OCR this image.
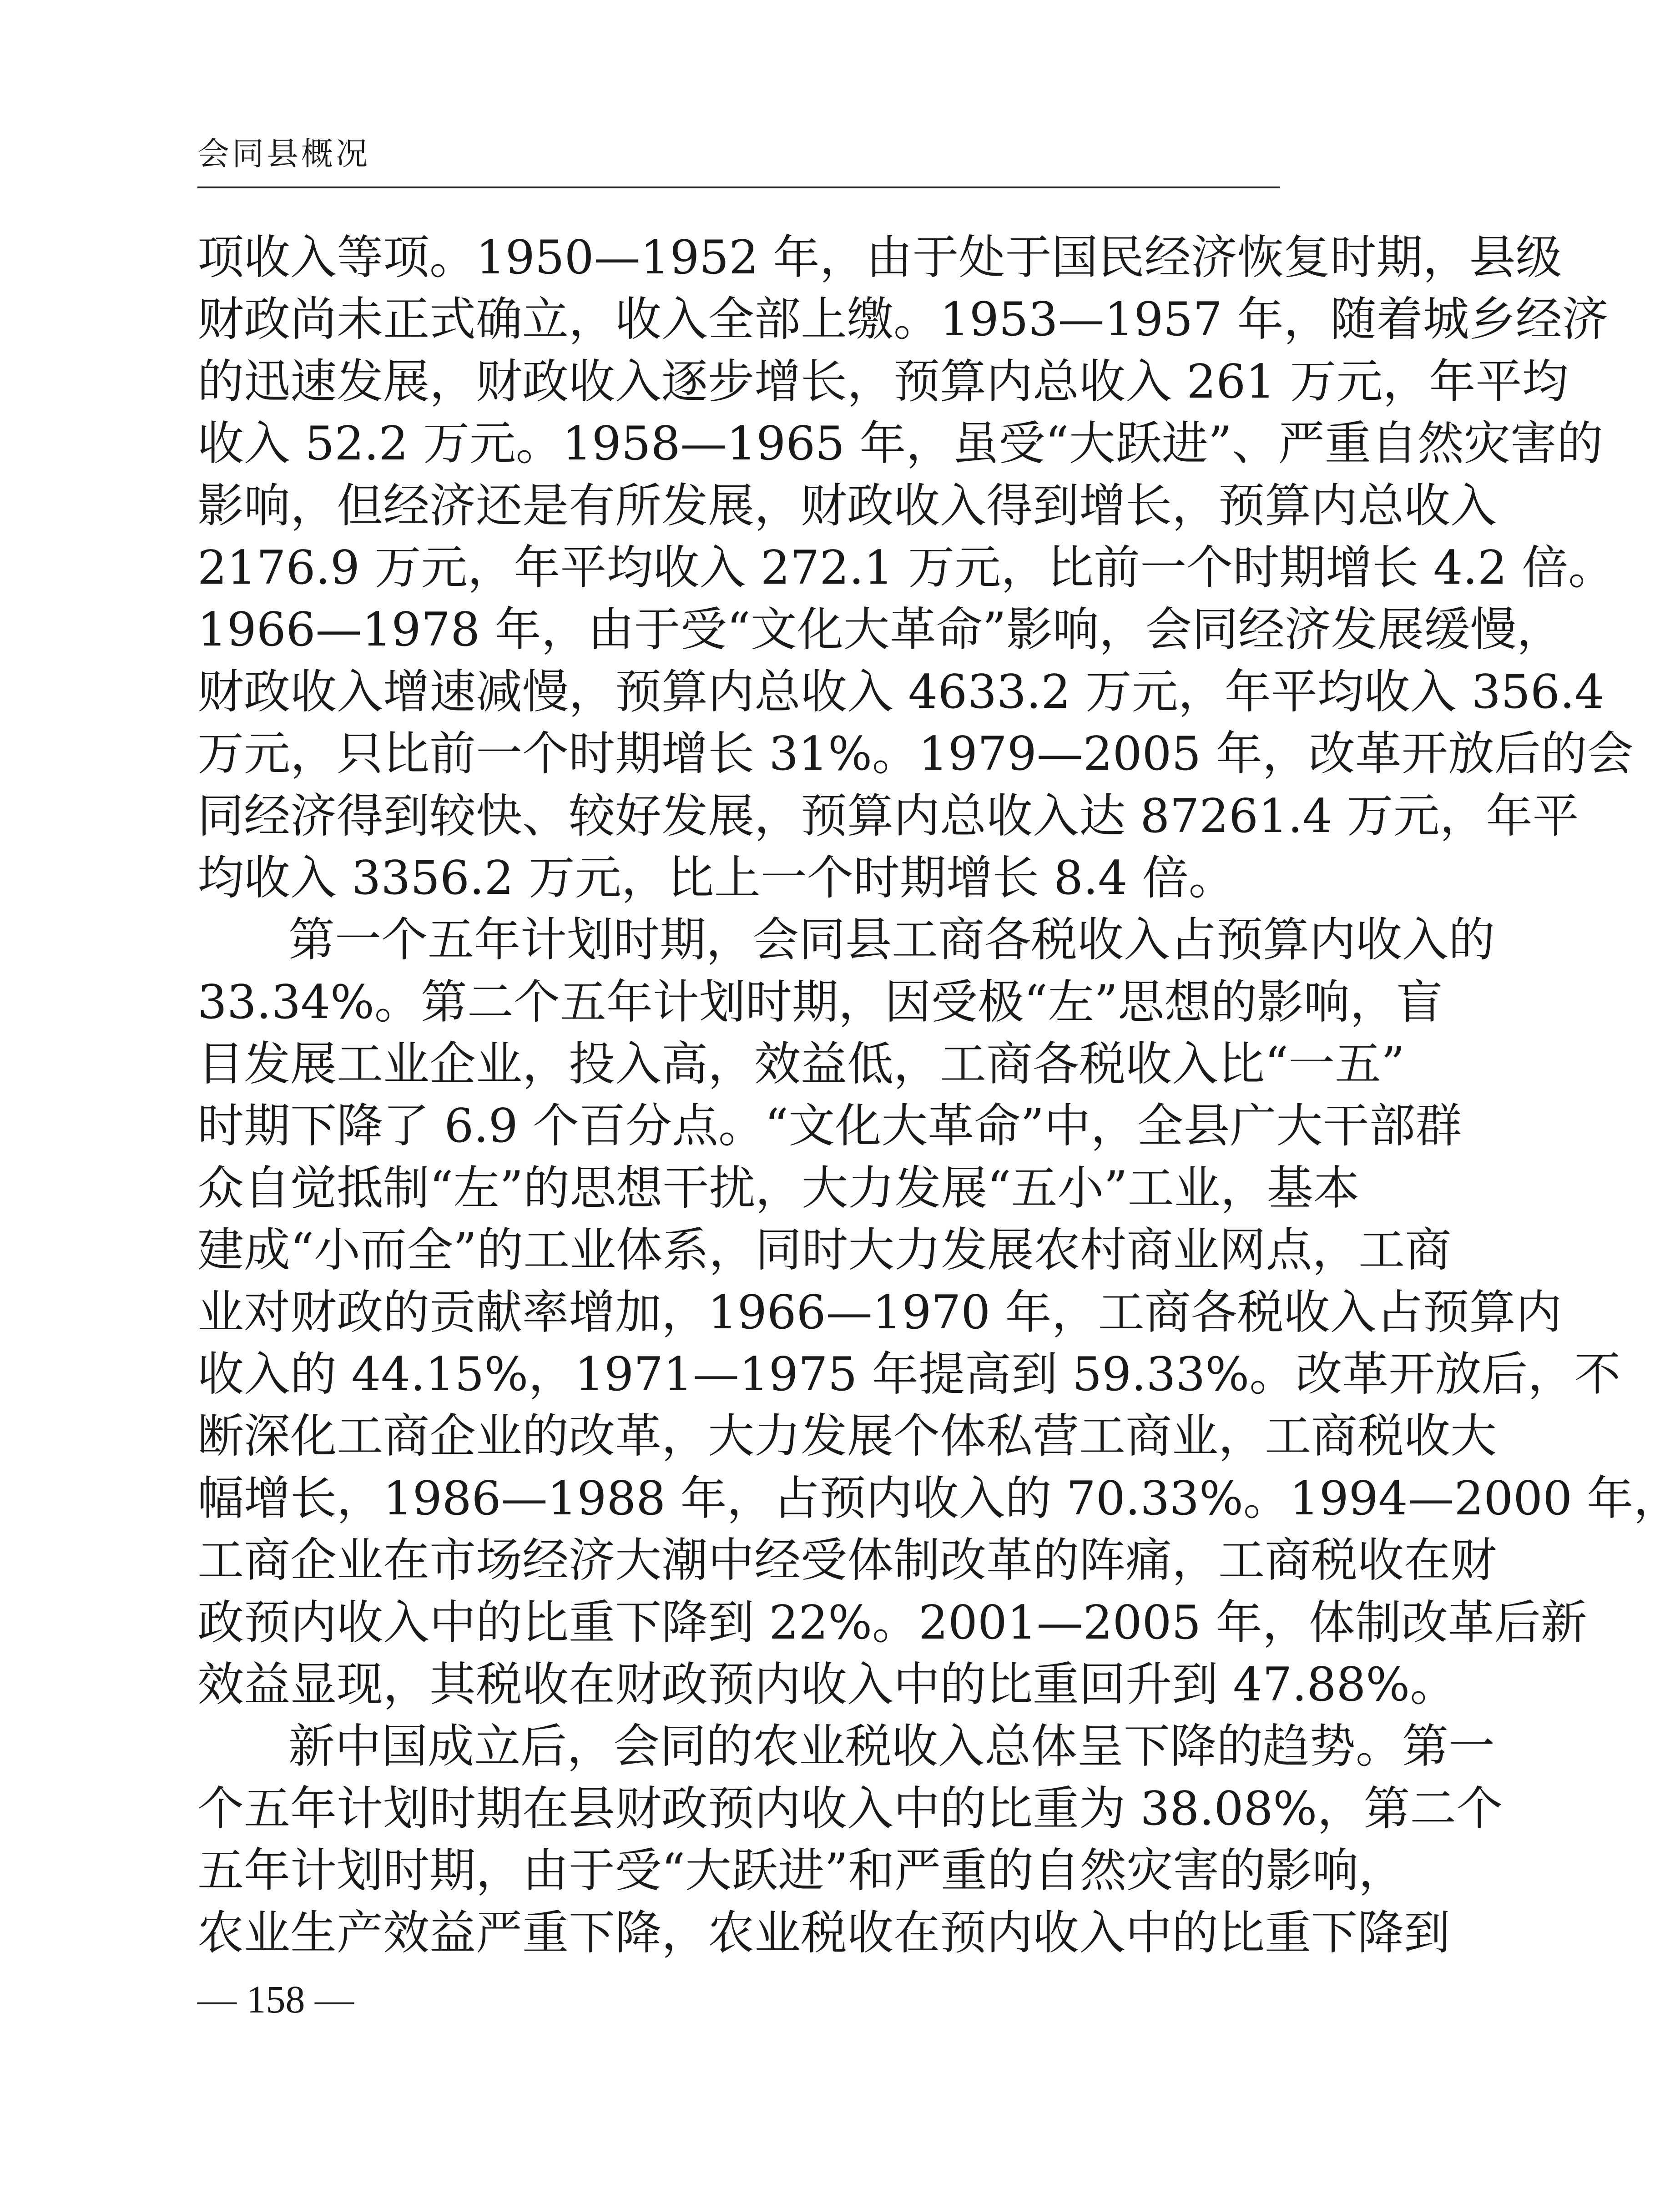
会同县概况
项收入等项。1950—1952 年，由于处于国民经济恢复时期，县级
财政尚未正式确立，收入全部上缴。1953—1957 年，随着城乡经济
的迅速发展，财政收入逐步增长，预算内总收入 261 万元，年平均
收入 52.2 万元。1958—1965 年，虽受“大跃进”、严重自然灾害的
影响，但经济还是有所发展，财政收入得到增长，预算内总收入
2176.9 万元，年平均收入 272.1 万元，比前一个时期增长 4.2 倍。
1966—1978 年，由于受“文化大革命”影响，会同经济发展缓慢，
财政收入增速减慢，预算内总收入 4633.2 万元，年平均收入 356.4
万元，只比前一个时期增长 31%。1979—2005 年，改革开放后的会
同经济得到较快、较好发展，预算内总收入达 87261.4 万元，年平
均收入 3356.2 万元，比上一个时期增长 8.4 倍。
第一个五年计划时期，会同县工商各税收入占预算内收入的
33.34%。第二个五年计划时期，因受极“左”思想的影响，盲
目发展工业企业，投入高，效益低，工商各税收入比“一五”
时期下降了 6.9 个百分点。“文化大革命”中，全县广大干部群
众自觉抵制“左”的思想干扰，大力发展“五小”工业，基本
建成“小而全”的工业体系，同时大力发展农村商业网点，工商
业对财政的贡献率增加，1966—1970 年，工商各税收入占预算内
收入的 44.15%，1971—1975 年提高到 59.33%。改革开放后，不
断深化工商企业的改革，大力发展个体私营工商业，工商税收大
幅增长，1986—1988 年，占预内收入的 70.33%。1994—2000 年，
工商企业在市场经济大潮中经受体制改革的阵痛，工商税收在财
政预内收入中的比重下降到 22%。2001—2005 年，体制改革后新
效益显现，其税收在财政预内收入中的比重回升到 47.88%。
新中国成立后，会同的农业税收入总体呈下降的趋势。第一
个五年计划时期在县财政预内收入中的比重为 38.08%，第二个
五年计划时期，由于受“大跃进”和严重的自然灾害的影响，
农业生产效益严重下降，农业税收在预内收入中的比重下降到
— 158 —
